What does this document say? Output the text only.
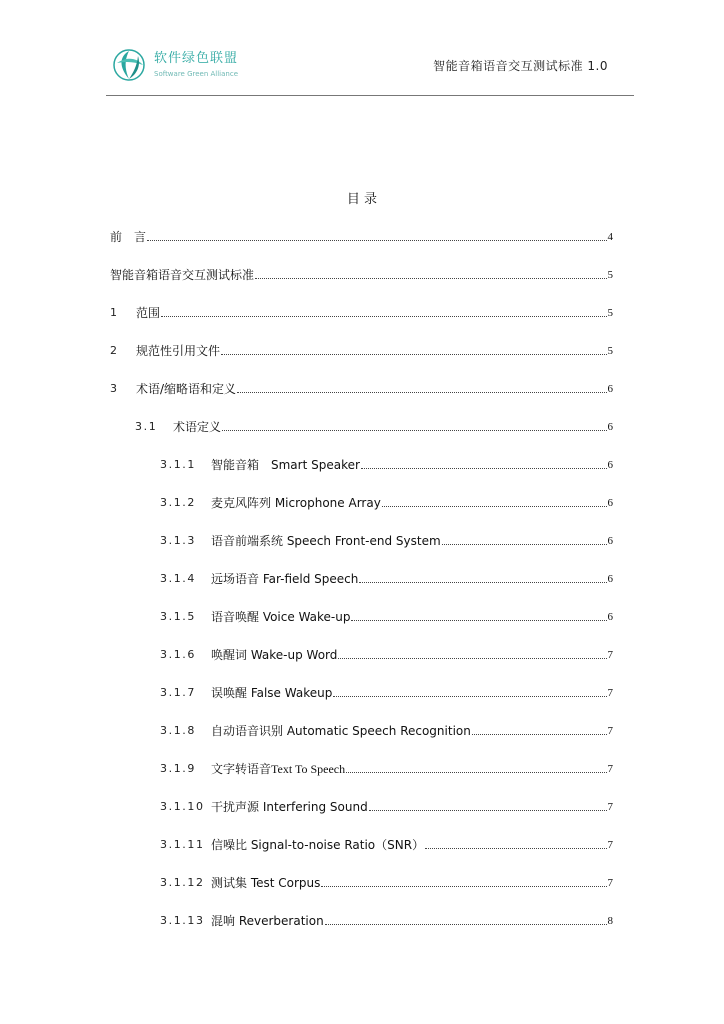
软件绿色联盟
Software Green Alliance
智能音箱语音交互测试标准 1.0
目 录
前　言	4
智能音箱语音交互测试标准	5
1	范围	5
2	规范性引用文件	5
3	术语/缩略语和定义	6
3.1	术语定义	6
3.1.1	智能音箱　Smart Speaker	6
3.1.2	麦克风阵列 Microphone Array	6
3.1.3	语音前端系统 Speech Front-end System	6
3.1.4	远场语音 Far-field Speech	6
3.1.5	语音唤醒 Voice Wake-up	6
3.1.6	唤醒词 Wake-up Word	7
3.1.7	误唤醒 False Wakeup	7
3.1.8	自动语音识别 Automatic Speech Recognition	7
3.1.9	文字转语音 Text To Speech	7
3.1.10 干扰声源 Interfering Sound	7
3.1.11 信噪比 Signal-to-noise Ratio（SNR）	7
3.1.12 测试集 Test Corpus	7
3.1.13 混响 Reverberation	8
